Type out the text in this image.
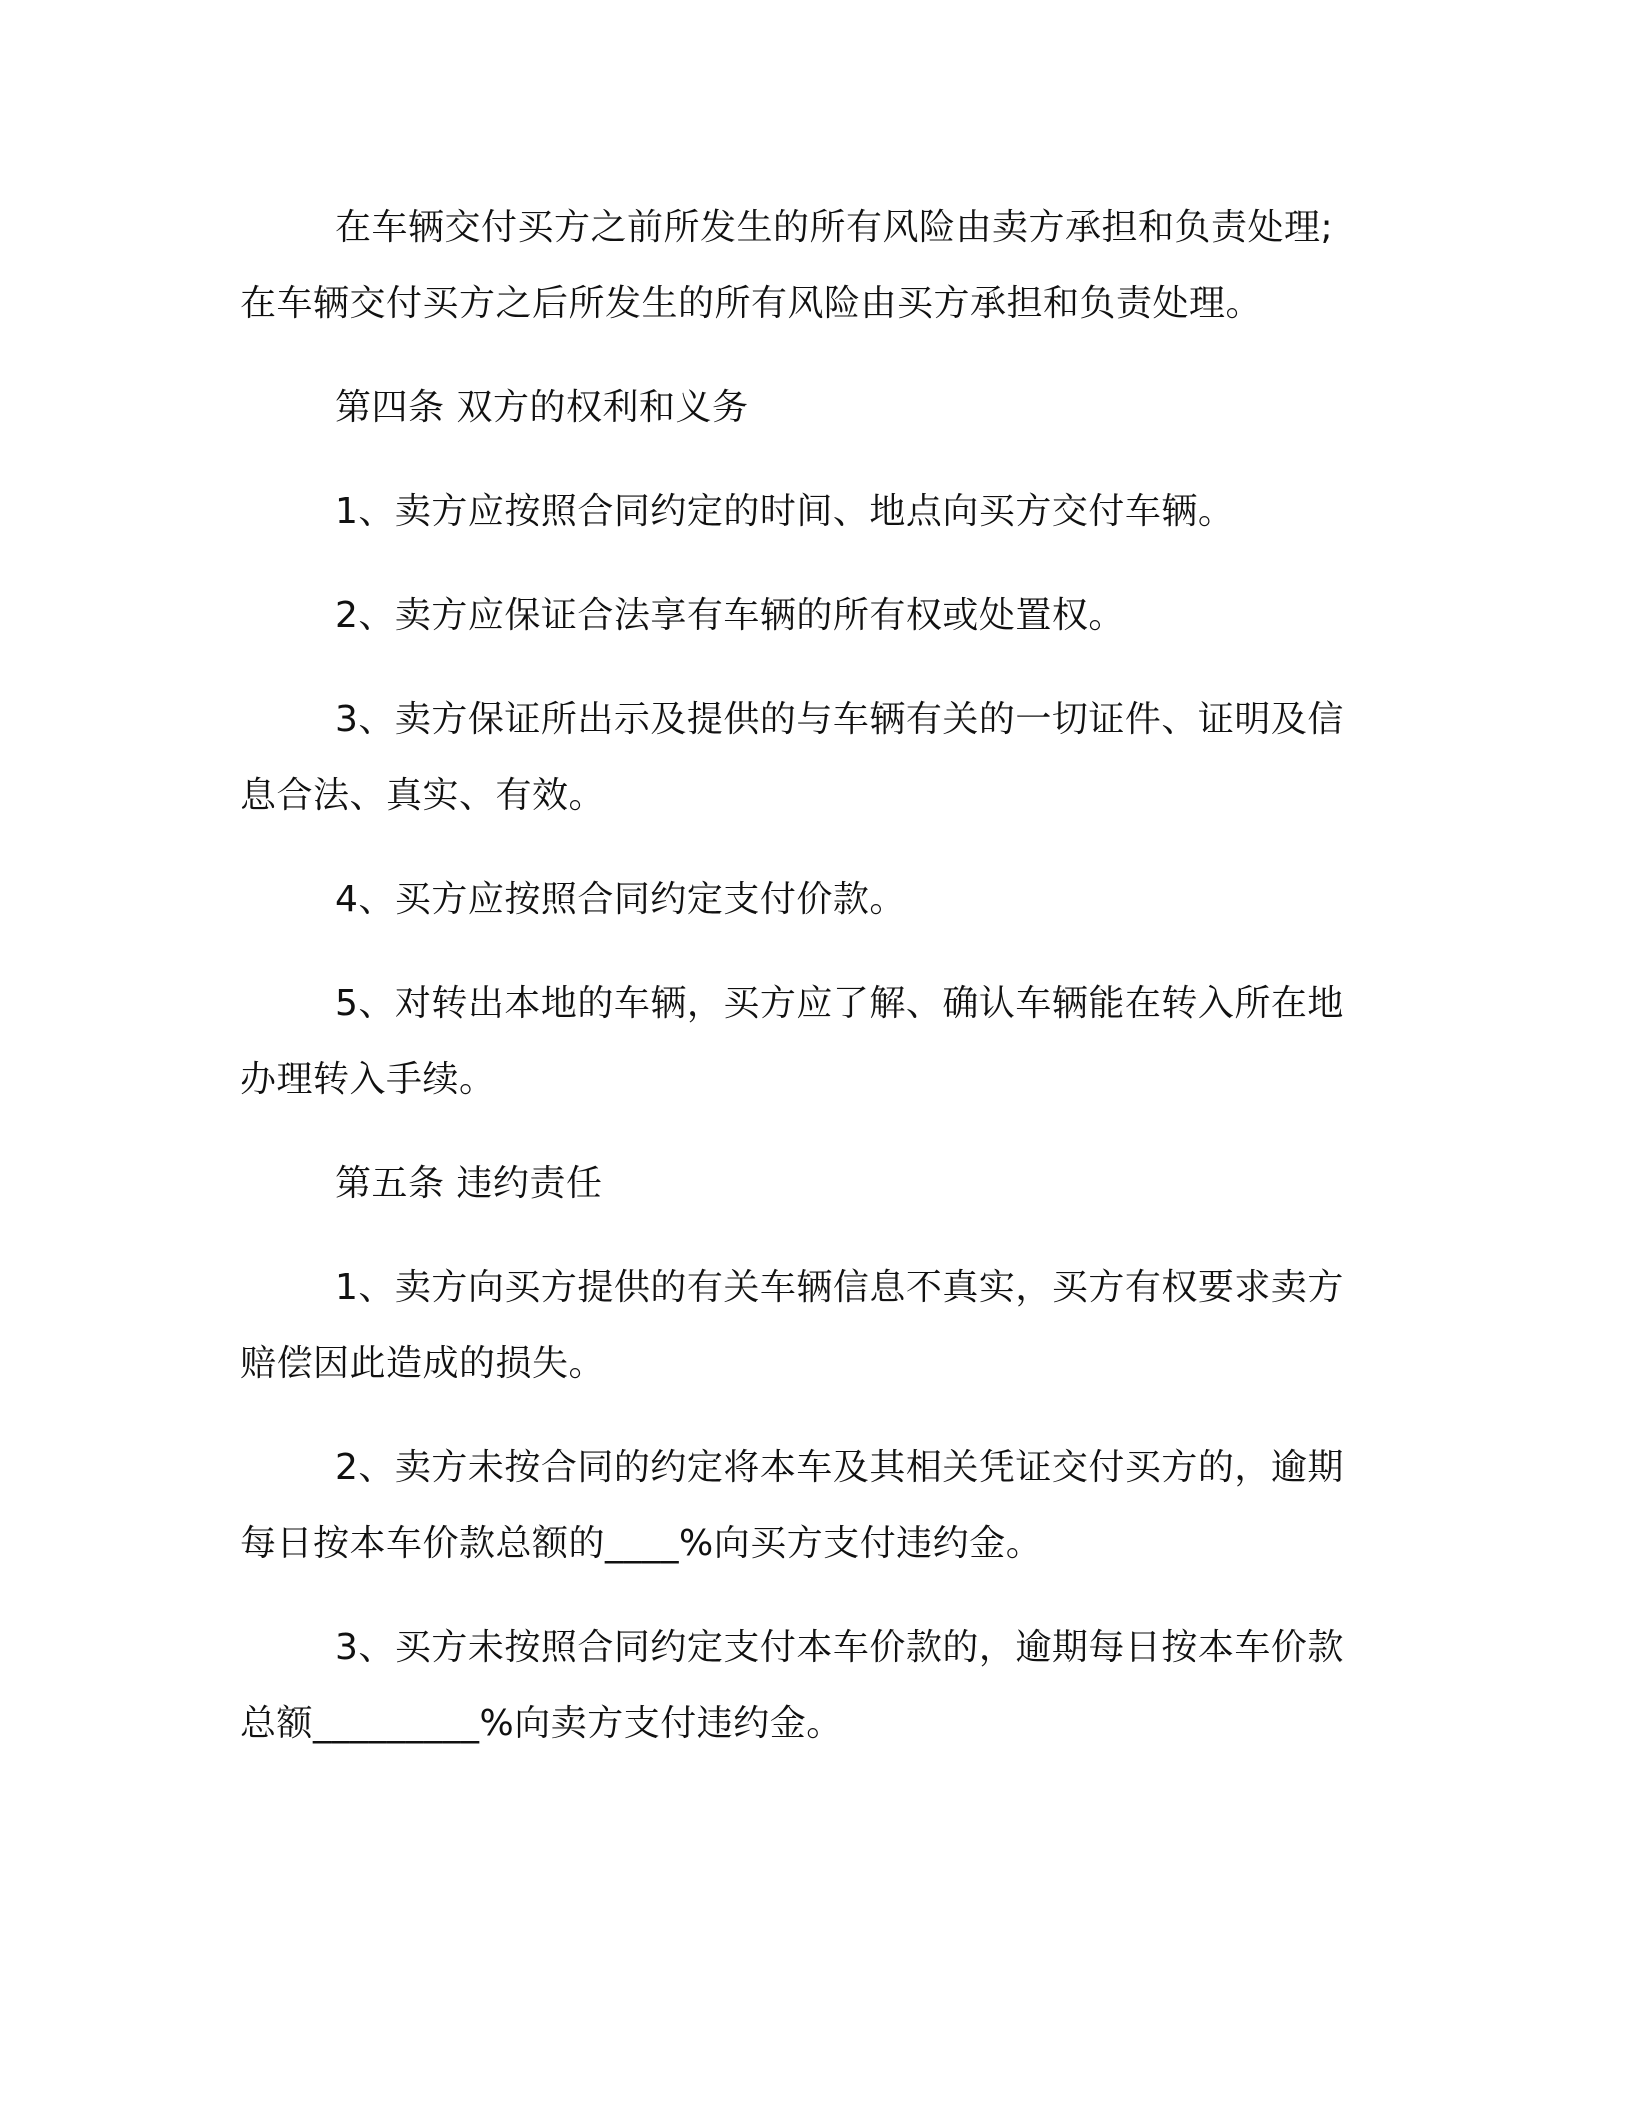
在车辆交付买方之前所发生的所有风险由卖方承担和负责处理;在车辆交付买方之后所发生的所有风险由买方承担和负责处理。

第四条 双方的权利和义务

1、卖方应按照合同约定的时间、地点向买方交付车辆。

2、卖方应保证合法享有车辆的所有权或处置权。

3、卖方保证所出示及提供的与车辆有关的一切证件、证明及信息合法、真实、有效。

4、买方应按照合同约定支付价款。

5、对转出本地的车辆，买方应了解、确认车辆能在转入所在地办理转入手续。

第五条 违约责任

1、卖方向买方提供的有关车辆信息不真实，买方有权要求卖方赔偿因此造成的损失。

2、卖方未按合同的约定将本车及其相关凭证交付买方的，逾期每日按本车价款总额的____%向买方支付违约金。

3、买方未按照合同约定支付本车价款的，逾期每日按本车价款总额_________%向卖方支付违约金。
